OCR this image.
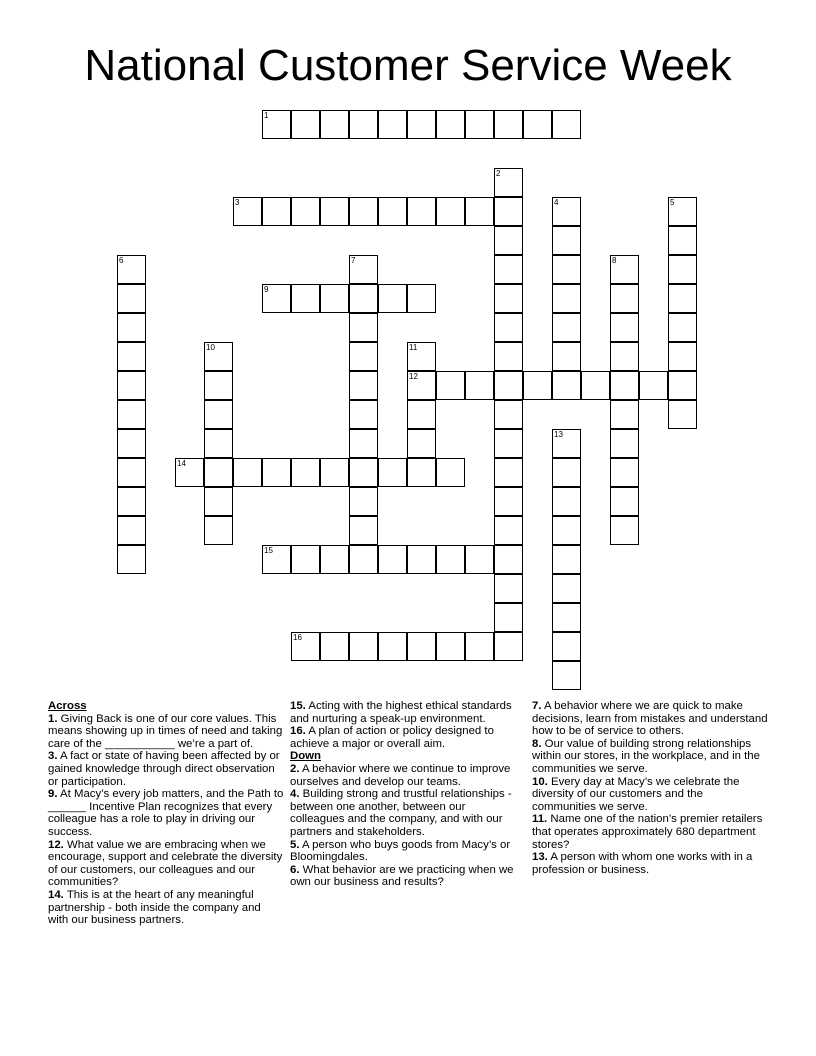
National Customer Service Week
1
3
9
12
14
15
16
2
4	5
6	7	8
10	11
13
Across

1. Giving Back is one of our core values. This means showing up in times of need and taking care of the ___________ we’re a part of.

3. A fact or state of having been affected by or gained knowledge through direct observation or participation.

9. At Macy’s every job matters, and the Path to ______ Incentive Plan recognizes that every colleague has a role to play in driving our success.

12. What value we are embracing when we encourage, support and celebrate the diversity of our customers, our colleagues and our communities?

14. This is at the heart of any meaningful partnership - both inside the company and with our business partners.

15. Acting with the highest ethical standards and nurturing a speak-up environment.

16. A plan of action or policy designed to achieve a major or overall aim.

Down

2. A behavior where we continue to improve ourselves and develop our teams.

4. Building strong and trustful relationships - between one another, between our colleagues and the company, and with our partners and stakeholders.

5. A person who buys goods from Macy’s or Bloomingdales.

6. What behavior are we practicing when we own our business and results?

7. A behavior where we are quick to make decisions, learn from mistakes and understand how to be of service to others.

8. Our value of building strong relationships within our stores, in the workplace, and in the communities we serve.

10. Every day at Macy’s we celebrate the diversity of our customers and the communities we serve.

11. Name one of the nation’s premier retailers that operates approximately 680 department stores?

13. A person with whom one works with in a profession or business.
